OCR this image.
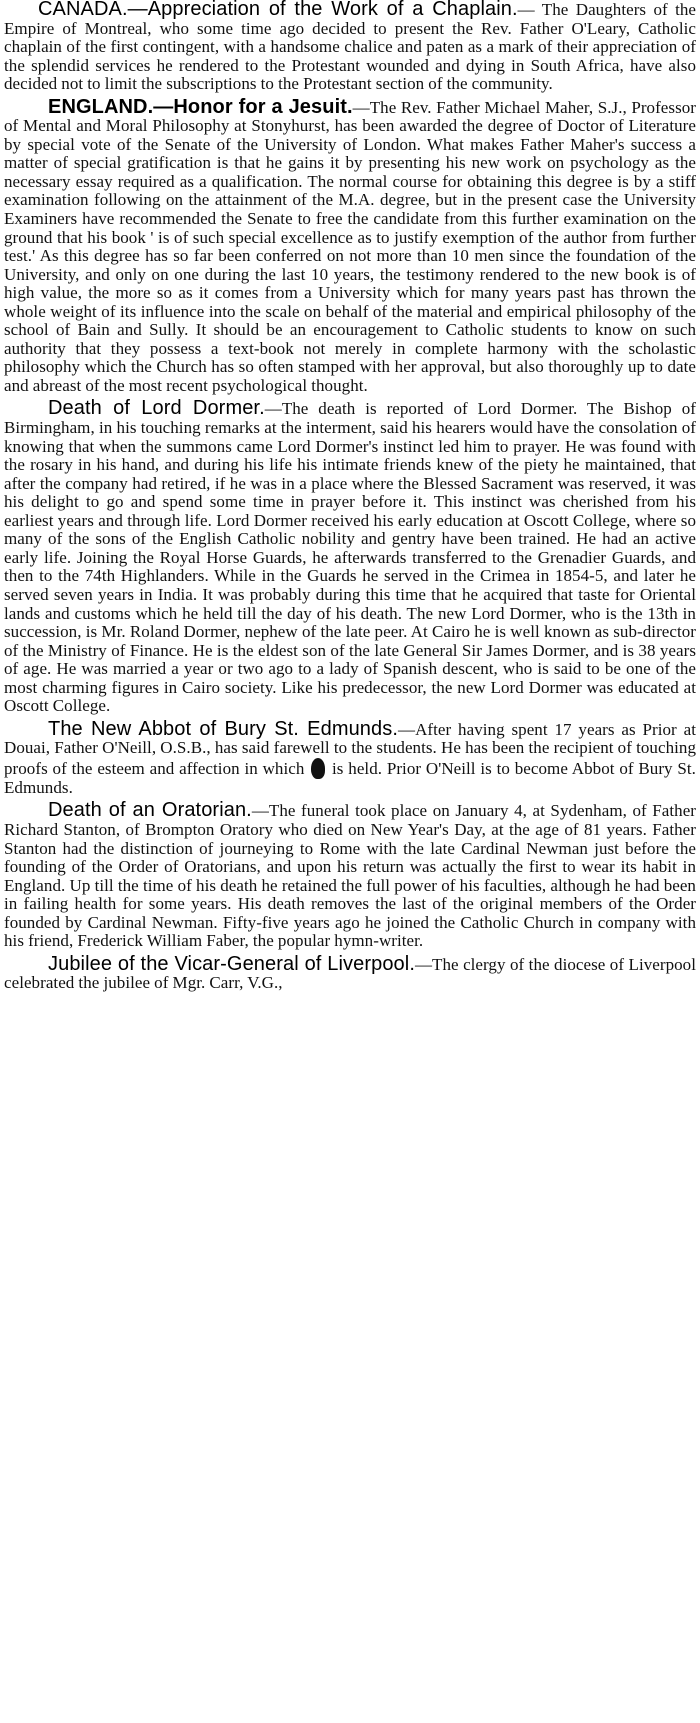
CANADA.—Appreciation of the Work of a Chaplain.— The Daughters of the Empire of Montreal, who some time ago decided to present the Rev. Father O'Leary, Catholic chaplain of the first contingent, with a handsome chalice and paten as a mark of their appreciation of the splendid services he rendered to the Protestant wounded and dying in South Africa, have also decided not to limit the subscriptions to the Protestant section of the community.

ENGLAND.—Honor for a Jesuit.—The Rev. Father Michael Maher, S.J., Professor of Mental and Moral Philosophy at Stonyhurst, has been awarded the degree of Doctor of Literature by special vote of the Senate of the University of London. What makes Father Maher's success a matter of special gratification is that he gains it by presenting his new work on psychology as the necessary essay required as a qualification. The normal course for obtaining this degree is by a stiff examination following on the attainment of the M.A. degree, but in the present case the University Examiners have recommended the Senate to free the candidate from this further examination on the ground that his book ' is of such special excellence as to justify exemption of the author from further test.' As this degree has so far been conferred on not more than 10 men since the foundation of the University, and only on one during the last 10 years, the testimony rendered to the new book is of high value, the more so as it comes from a University which for many years past has thrown the whole weight of its influence into the scale on behalf of the material and empirical philosophy of the school of Bain and Sully. It should be an encouragement to Catholic students to know on such authority that they possess a text-book not merely in complete harmony with the scholastic philosophy which the Church has so often stamped with her approval, but also thoroughly up to date and abreast of the most recent psychological thought.

Death of Lord Dormer.—The death is reported of Lord Dormer. The Bishop of Birmingham, in his touching remarks at the interment, said his hearers would have the consolation of knowing that when the summons came Lord Dormer's instinct led him to prayer. He was found with the rosary in his hand, and during his life his intimate friends knew of the piety he maintained, that after the company had retired, if he was in a place where the Blessed Sacrament was reserved, it was his delight to go and spend some time in prayer before it. This instinct was cherished from his earliest years and through life. Lord Dormer received his early education at Oscott College, where so many of the sons of the English Catholic nobility and gentry have been trained. He had an active early life. Joining the Royal Horse Guards, he afterwards transferred to the Grenadier Guards, and then to the 74th Highlanders. While in the Guards he served in the Crimea in 1854-5, and later he served seven years in India. It was probably during this time that he acquired that taste for Oriental lands and customs which he held till the day of his death. The new Lord Dormer, who is the 13th in succession, is Mr. Roland Dormer, nephew of the late peer. At Cairo he is well known as sub-director of the Ministry of Finance. He is the eldest son of the late General Sir James Dormer, and is 38 years of age. He was married a year or two ago to a lady of Spanish descent, who is said to be one of the most charming figures in Cairo society. Like his predecessor, the new Lord Dormer was educated at Oscott College.

The New Abbot of Bury St. Edmunds.—After having spent 17 years as Prior at Douai, Father O'Neill, O.S.B., has said farewell to the students. He has been the recipient of touching proofs of the esteem and affection in which is held. Prior O'Neill is to become Abbot of Bury St. Edmunds.

Death of an Oratorian.—The funeral took place on January 4, at Sydenham, of Father Richard Stanton, of Brompton Oratory who died on New Year's Day, at the age of 81 years. Father Stanton had the distinction of journeying to Rome with the late Cardinal Newman just before the founding of the Order of Oratorians, and upon his return was actually the first to wear its habit in England. Up till the time of his death he retained the full power of his faculties, although he had been in failing health for some years. His death removes the last of the original members of the Order founded by Cardinal Newman. Fifty-five years ago he joined the Catholic Church in company with his friend, Frederick William Faber, the popular hymn-writer.

Jubilee of the Vicar-General of Liverpool.—The clergy of the diocese of Liverpool celebrated the jubilee of Mgr. Carr, V.G.,
